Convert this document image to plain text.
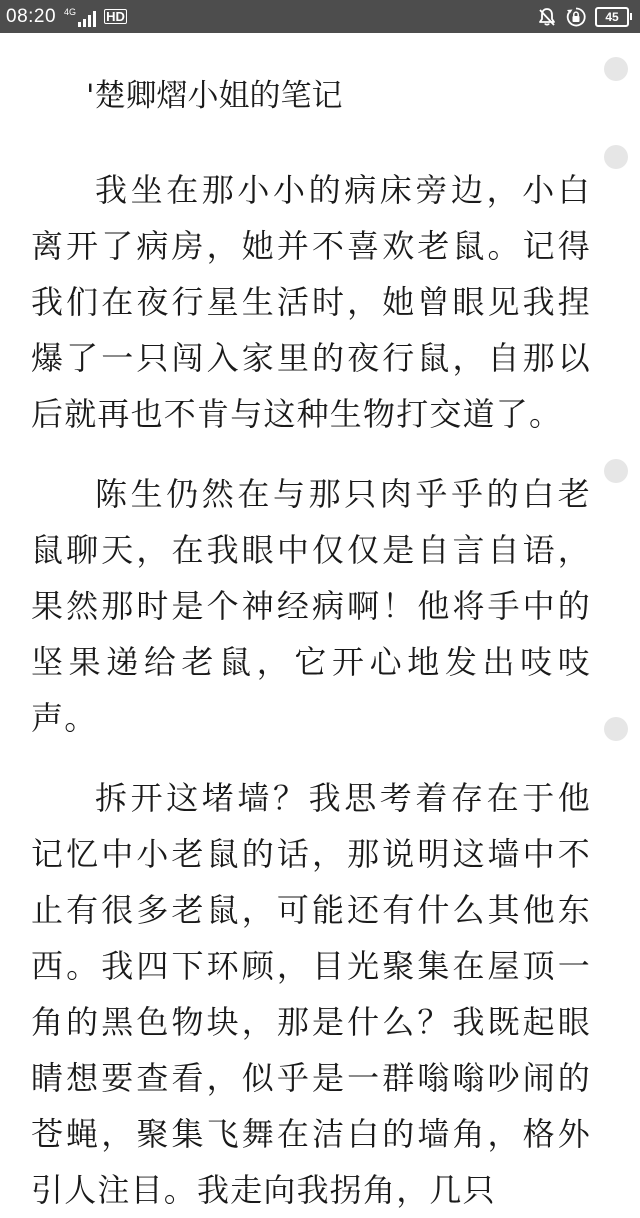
08:20 4G HD	45
'楚卿熠小姐的笔记

我坐在那小小的病床旁边，小白离开了病房，她并不喜欢老鼠。记得我们在夜行星生活时，她曾眼见我捏爆了一只闯入家里的夜行鼠，自那以后就再也不肯与这种生物打交道了。

陈生仍然在与那只肉乎乎的白老鼠聊天，在我眼中仅仅是自言自语，果然那时是个神经病啊！他将手中的坚果递给老鼠，它开心地发出吱吱声。

拆开这堵墙？我思考着存在于他记忆中小老鼠的话，那说明这墙中不止有很多老鼠，可能还有什么其他东西。我四下环顾，目光聚集在屋顶一角的黑色物块，那是什么？我既起眼睛想要查看，似乎是一群嗡嗡吵闹的苍蝇，聚集飞舞在洁白的墙角，格外引人注目。我走向我拐角，几只
